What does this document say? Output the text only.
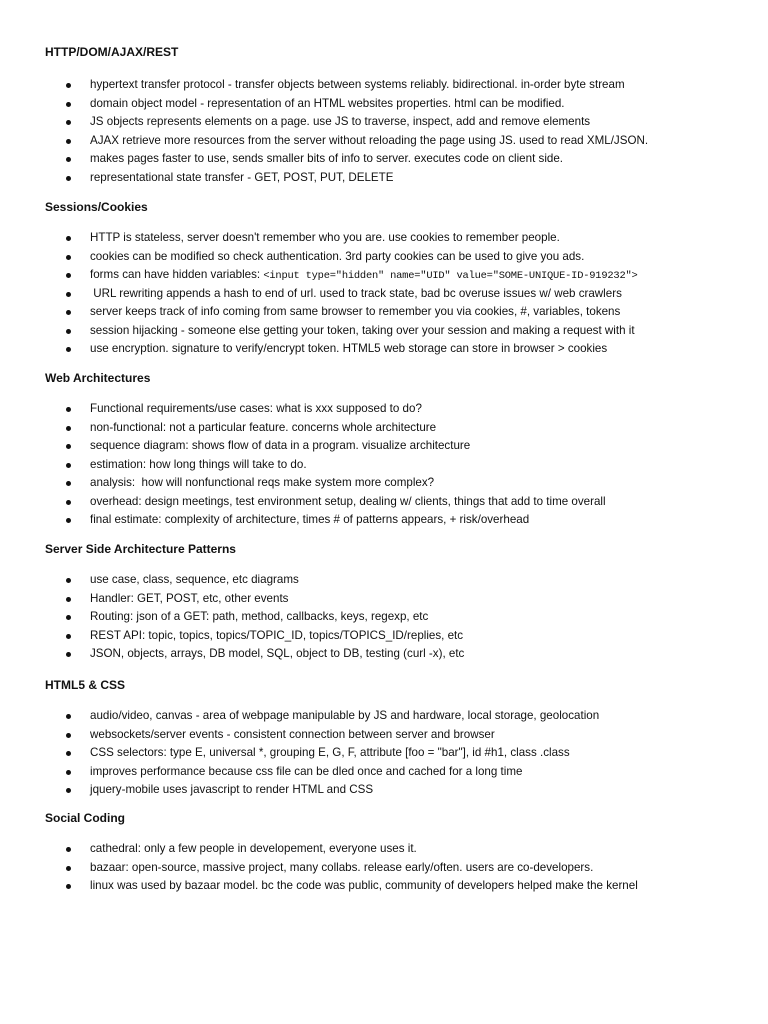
HTTP/DOM/AJAX/REST
hypertext transfer protocol - transfer objects between systems reliably. bidirectional. in-order byte stream
domain object model - representation of an HTML websites properties. html can be modified.
JS objects represents elements on a page. use JS to traverse, inspect, add and remove elements
AJAX retrieve more resources from the server without reloading the page using JS. used to read XML/JSON.
makes pages faster to use, sends smaller bits of info to server. executes code on client side.
representational state transfer - GET, POST, PUT, DELETE
Sessions/Cookies
HTTP is stateless, server doesn't remember who you are. use cookies to remember people.
cookies can be modified so check authentication. 3rd party cookies can be used to give you ads.
forms can have hidden variables: <input type="hidden" name="UID" value="SOME-UNIQUE-ID-919232">
URL rewriting appends a hash to end of url. used to track state, bad bc overuse issues w/ web crawlers
server keeps track of info coming from same browser to remember you via cookies, #, variables, tokens
session hijacking - someone else getting your token, taking over your session and making a request with it
use encryption. signature to verify/encrypt token. HTML5 web storage can store in browser > cookies
Web Architectures
Functional requirements/use cases: what is xxx supposed to do?
non-functional: not a particular feature. concerns whole architecture
sequence diagram: shows flow of data in a program. visualize architecture
estimation: how long things will take to do.
analysis:  how will nonfunctional reqs make system more complex?
overhead: design meetings, test environment setup, dealing w/ clients, things that add to time overall
final estimate: complexity of architecture, times # of patterns appears, + risk/overhead
Server Side Architecture Patterns
use case, class, sequence, etc diagrams
Handler: GET, POST, etc, other events
Routing: json of a GET: path, method, callbacks, keys, regexp, etc
REST API: topic, topics, topics/TOPIC_ID, topics/TOPICS_ID/replies, etc
JSON, objects, arrays, DB model, SQL, object to DB, testing (curl -x), etc
HTML5 & CSS
audio/video, canvas - area of webpage manipulable by JS and hardware, local storage, geolocation
websockets/server events - consistent connection between server and browser
CSS selectors: type E, universal *, grouping E, G, F, attribute [foo = "bar"], id #h1, class .class
improves performance because css file can be dled once and cached for a long time
jquery-mobile uses javascript to render HTML and CSS
Social Coding
cathedral: only a few people in developement, everyone uses it.
bazaar: open-source, massive project, many collabs. release early/often. users are co-developers.
linux was used by bazaar model. bc the code was public, community of developers helped make the kernel
